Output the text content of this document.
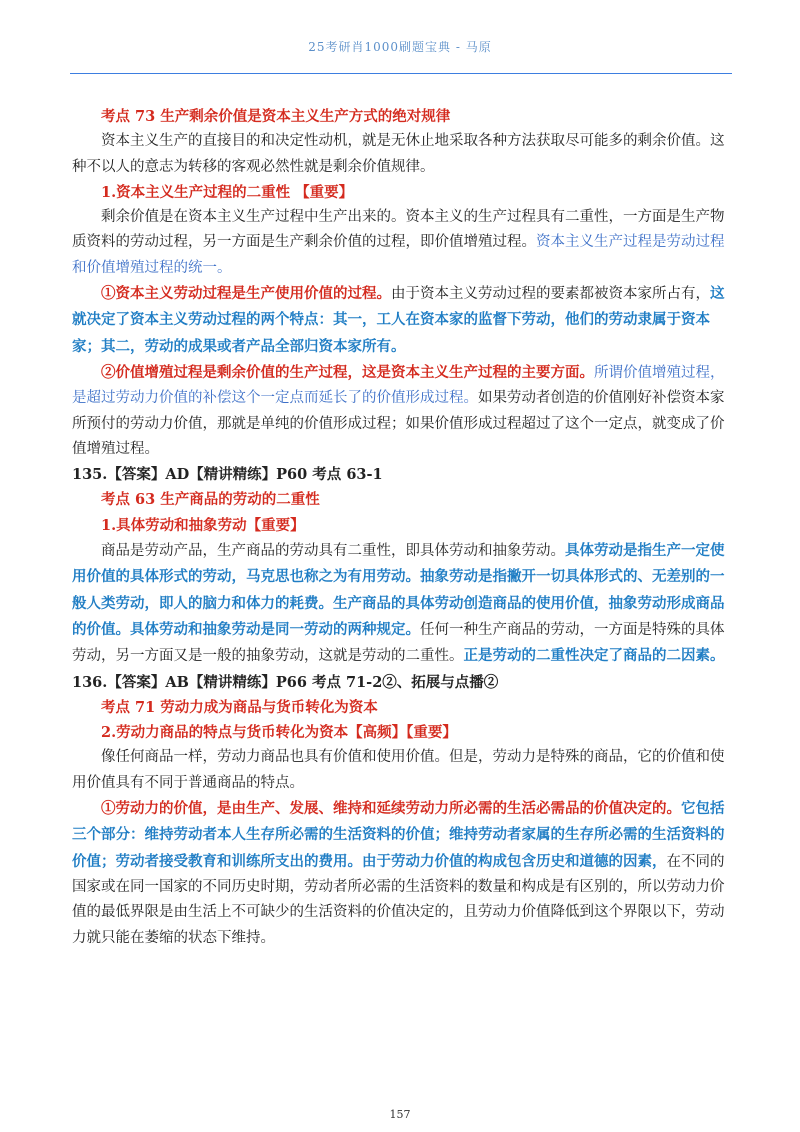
25考研肖1000刷题宝典 - 马原

考点 73 生产剩余价值是资本主义生产方式的绝对规律

资本主义生产的直接目的和决定性动机，就是无休止地采取各种方法获取尽可能多的剩余价值。这种不以人的意志为转移的客观必然性就是剩余价值规律。

1.资本主义生产过程的二重性 【重要】

剩余价值是在资本主义生产过程中生产出来的。资本主义的生产过程具有二重性，一方面是生产物质资料的劳动过程，另一方面是生产剩余价值的过程，即价值增殖过程。资本主义生产过程是劳动过程和价值增殖过程的统一。

①资本主义劳动过程是生产使用价值的过程。由于资本主义劳动过程的要素都被资本家所占有，这就决定了资本主义劳动过程的两个特点：其一，工人在资本家的监督下劳动，他们的劳动隶属于资本家；其二，劳动的成果或者产品全部归资本家所有。

②价值增殖过程是剩余价值的生产过程，这是资本主义生产过程的主要方面。所谓价值增殖过程，是超过劳动力价值的补偿这个一定点而延长了的价值形成过程。如果劳动者创造的价值刚好补偿资本家所预付的劳动力价值，那就是单纯的价值形成过程；如果价值形成过程超过了这个一定点，就变成了价值增殖过程。

135.【答案】AD【精讲精练】P60 考点 63-1

考点 63 生产商品的劳动的二重性

1.具体劳动和抽象劳动【重要】

商品是劳动产品，生产商品的劳动具有二重性，即具体劳动和抽象劳动。具体劳动是指生产一定使用价值的具体形式的劳动，马克思也称之为有用劳动。抽象劳动是指撇开一切具体形式的、无差别的一般人类劳动，即人的脑力和体力的耗费。生产商品的具体劳动创造商品的使用价值，抽象劳动形成商品的价值。具体劳动和抽象劳动是同一劳动的两种规定。任何一种生产商品的劳动，一方面是特殊的具体劳动，另一方面又是一般的抽象劳动，这就是劳动的二重性。正是劳动的二重性决定了商品的二因素。

136.【答案】AB【精讲精练】P66 考点 71-2②、拓展与点播②

考点 71 劳动力成为商品与货币转化为资本

2.劳动力商品的特点与货币转化为资本【高频】【重要】

像任何商品一样，劳动力商品也具有价值和使用价值。但是，劳动力是特殊的商品，它的价值和使用价值具有不同于普通商品的特点。

①劳动力的价值，是由生产、发展、维持和延续劳动力所必需的生活必需品的价值决定的。它包括三个部分：维持劳动者本人生存所必需的生活资料的价值；维持劳动者家属的生存所必需的生活资料的价值；劳动者接受教育和训练所支出的费用。由于劳动力价值的构成包含历史和道德的因素，在不同的国家或在同一国家的不同历史时期，劳动者所必需的生活资料的数量和构成是有区别的，所以劳动力价值的最低界限是由生活上不可缺少的生活资料的价值决定的，且劳动力价值降低到这个界限以下，劳动力就只能在萎缩的状态下维持。

157
